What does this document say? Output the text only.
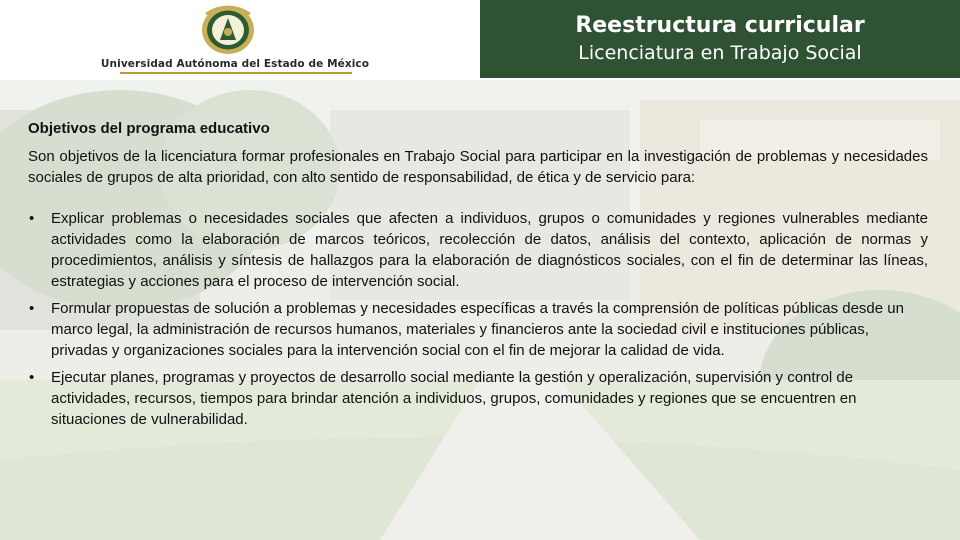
Universidad Autónoma del Estado de México
Reestructura curricular
Licenciatura en Trabajo Social
Objetivos del programa educativo
Son objetivos de la licenciatura formar profesionales en Trabajo Social para participar en la investigación de problemas y necesidades sociales de grupos de alta prioridad, con alto sentido de responsabilidad, de ética y de servicio para:
• Explicar problemas o necesidades sociales que afecten a individuos, grupos o comunidades y regiones vulnerables mediante actividades como la elaboración de marcos teóricos, recolección de datos, análisis del contexto, aplicación de normas y procedimientos, análisis y síntesis de hallazgos para la elaboración de diagnósticos sociales, con el fin de determinar las líneas, estrategias y acciones para el proceso de intervención social.
• Formular propuestas de solución a problemas y necesidades específicas a través la comprensión de políticas públicas desde un marco legal, la administración de recursos humanos, materiales y financieros ante la sociedad civil e instituciones públicas, privadas y organizaciones sociales para la intervención social con el fin de mejorar la calidad de vida.
• Ejecutar planes, programas y proyectos de desarrollo social mediante la gestión y operalización, supervisión y control de actividades, recursos, tiempos para brindar atención a individuos, grupos, comunidades y regiones que se encuentren en situaciones de vulnerabilidad.
